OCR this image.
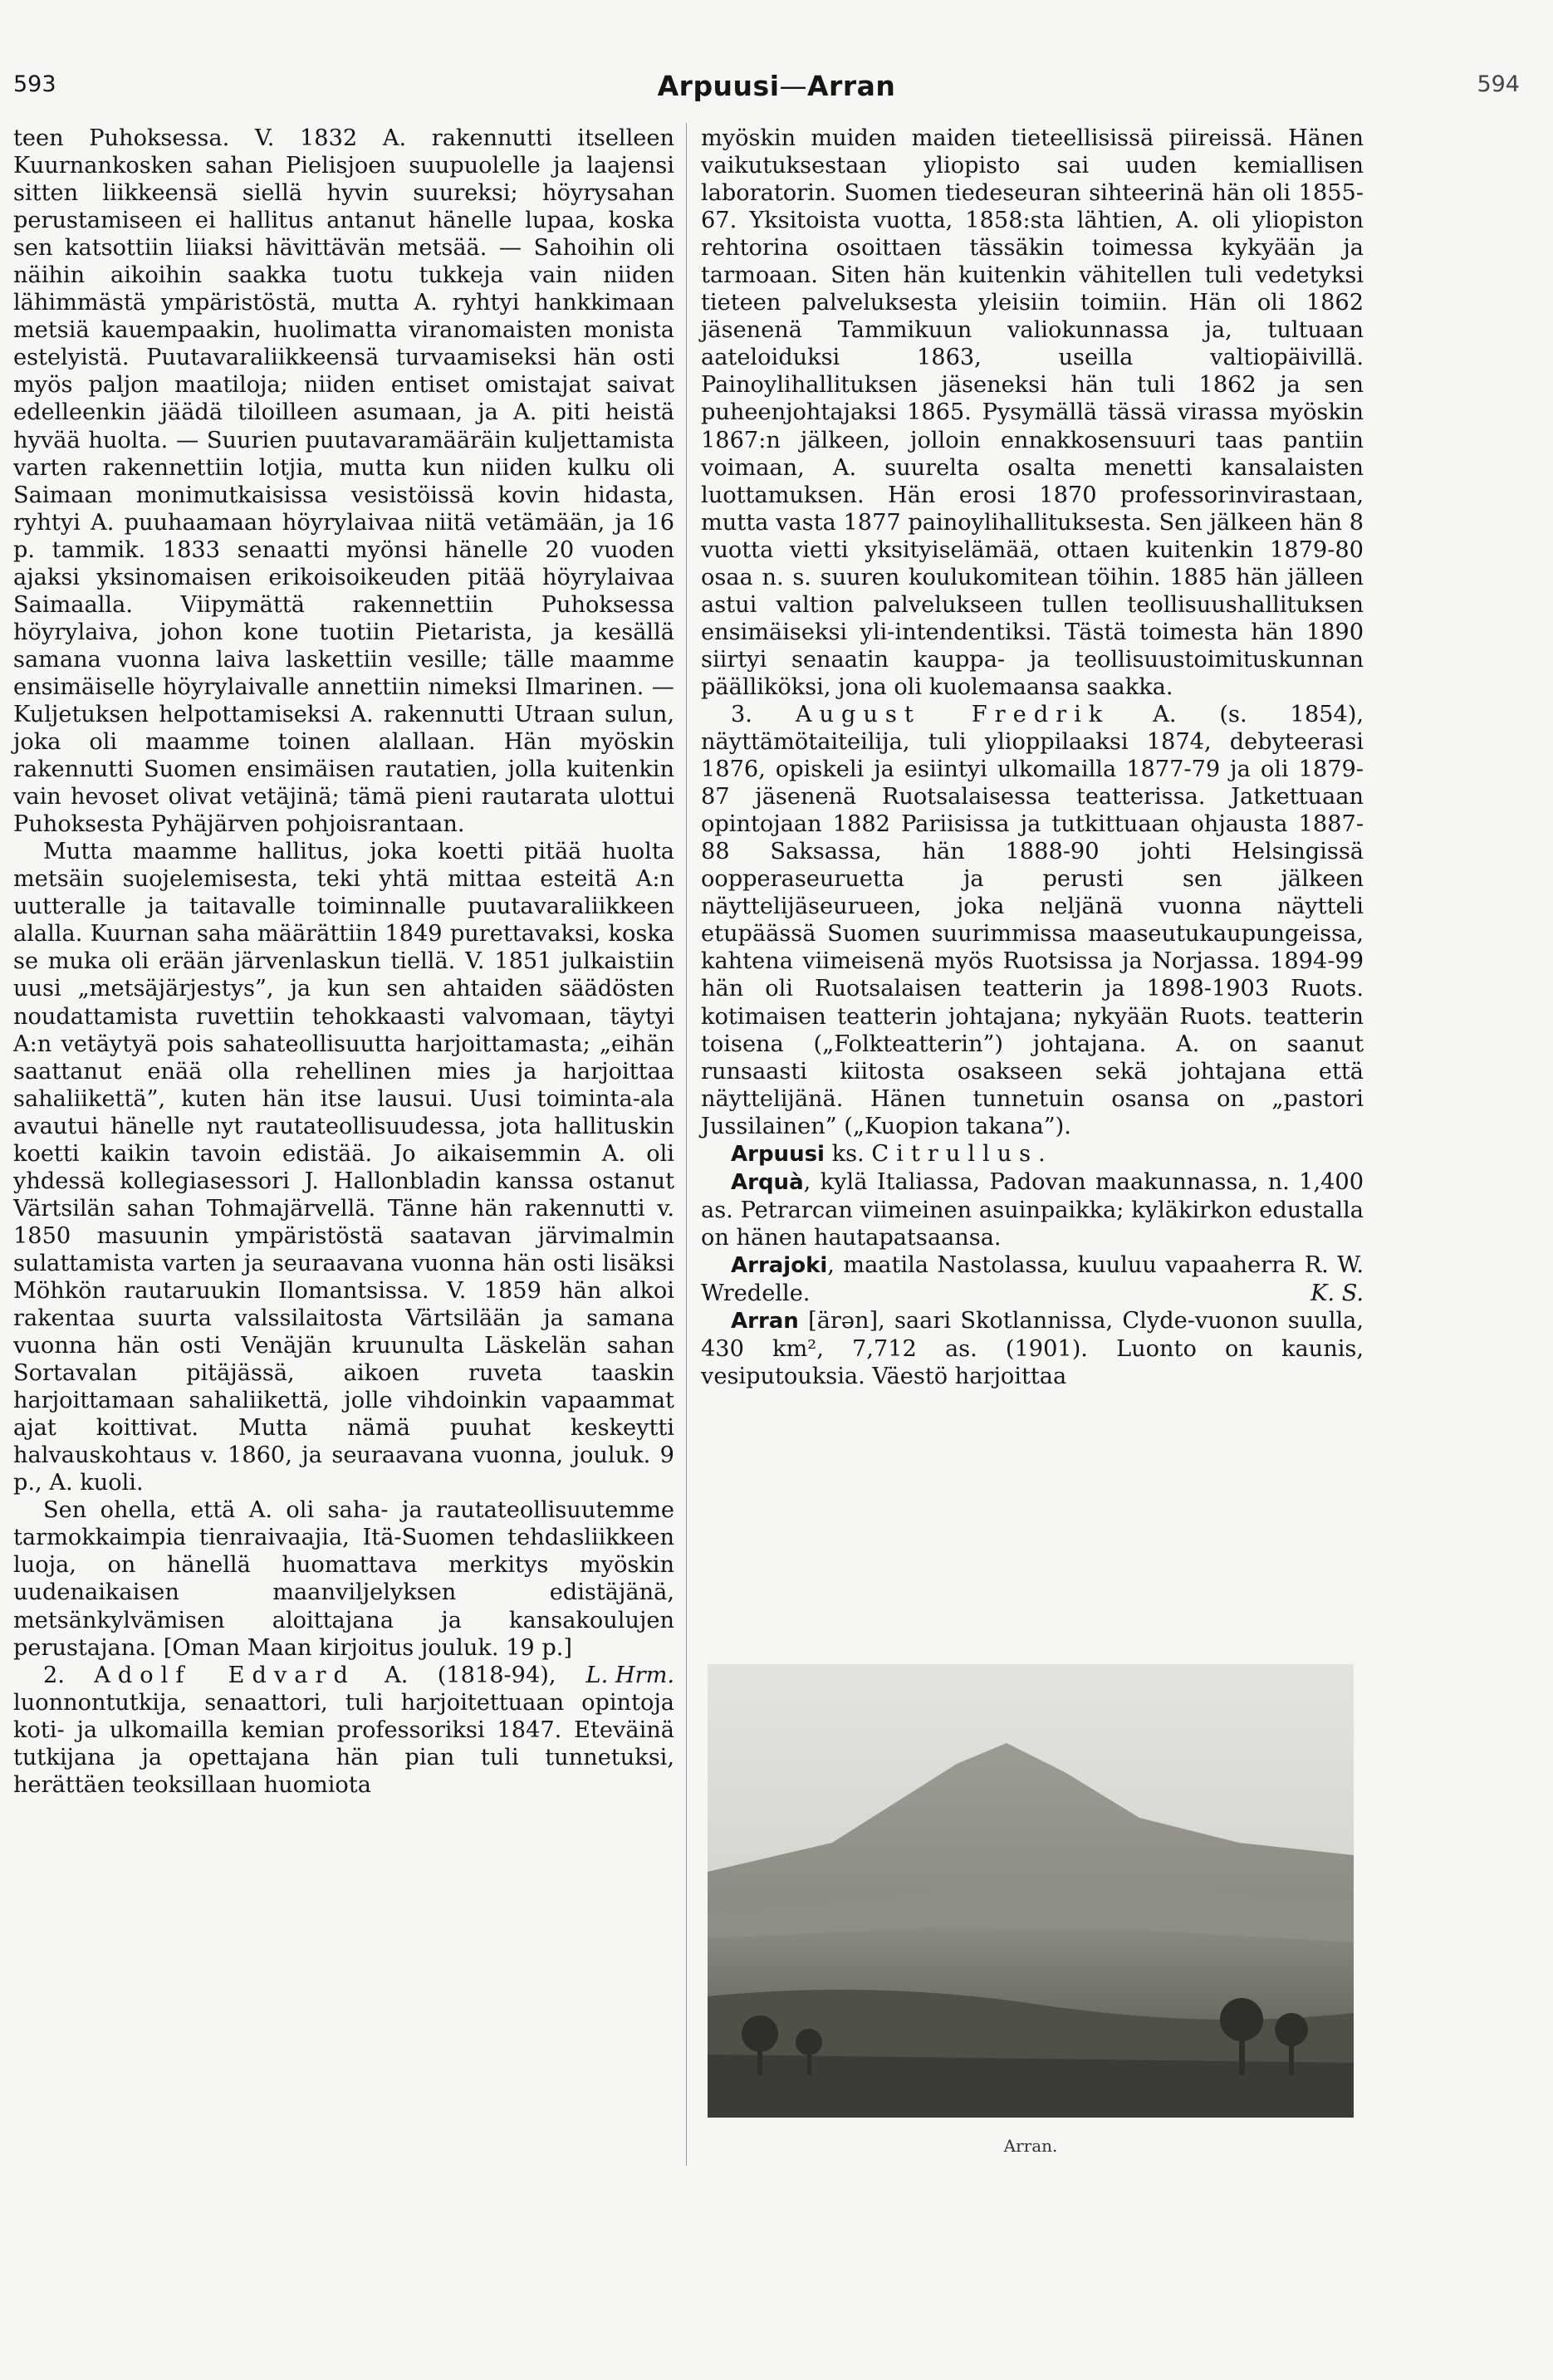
593	Arpuusi—Arran	594

teen Puhoksessa. V. 1832 A. rakennutti itselleen Kuurnankosken sahan Pielisjoen suupuolelle ja laajensi sitten liikkeensä siellä hyvin suureksi; höyrysahan perustamiseen ei hallitus antanut hänelle lupaa, koska sen katsottiin liiaksi hävittävän metsää. — Sahoihin oli näihin aikoihin saakka tuotu tukkeja vain niiden lähimmästä ympäristöstä, mutta A. ryhtyi hankkimaan metsiä kauempaakin, huolimatta viranomaisten monista estelyistä. Puutavaraliikkeensä turvaamiseksi hän osti myös paljon maatiloja; niiden entiset omistajat saivat edelleenkin jäädä tiloilleen asumaan, ja A. piti heistä hyvää huolta. — Suurien puutavaramääräin kuljettamista varten rakennettiin lotjia, mutta kun niiden kulku oli Saimaan monimutkaisissa vesistöissä kovin hidasta, ryhtyi A. puuhaamaan höyrylaivaa niitä vetämään, ja 16 p. tammik. 1833 senaatti myönsi hänelle 20 vuoden ajaksi yksinomaisen erikoisoikeuden pitää höyrylaivaa Saimaalla. Viipymättä rakennettiin Puhoksessa höyrylaiva, johon kone tuotiin Pietarista, ja kesällä samana vuonna laiva laskettiin vesille; tälle maamme ensimäiselle höyrylaivalle annettiin nimeksi Ilmarinen. — Kuljetuksen helpottamiseksi A. rakennutti Utraan sulun, joka oli maamme toinen alallaan. Hän myöskin rakennutti Suomen ensimäisen rautatien, jolla kuitenkin vain hevoset olivat vetäjinä; tämä pieni rautarata ulottui Puhoksesta Pyhäjärven pohjoisrantaan.

Mutta maamme hallitus, joka koetti pitää huolta metsäin suojelemisesta, teki yhtä mittaa esteitä A:n uutteralle ja taitavalle toiminnalle puutavaraliikkeen alalla. Kuurnan saha määrättiin 1849 purettavaksi, koska se muka oli erään järvenlaskun tiellä. V. 1851 julkaistiin uusi „metsäjärjestys”, ja kun sen ahtaiden säädösten noudattamista ruvettiin tehokkaasti valvomaan, täytyi A:n vetäytyä pois sahateollisuutta harjoittamasta; „eihän saattanut enää olla rehellinen mies ja harjoittaa sahaliikettä”, kuten hän itse lausui. Uusi toiminta-ala avautui hänelle nyt rautateollisuudessa, jota hallituskin koetti kaikin tavoin edistää. Jo aikaisemmin A. oli yhdessä kollegiasessori J. Hallonbladin kanssa ostanut Värtsilän sahan Tohmajärvellä. Tänne hän rakennutti v. 1850 masuunin ympäristöstä saatavan järvimalmin sulattamista varten ja seuraavana vuonna hän osti lisäksi Möhkön rautaruukin Ilomantsissa. V. 1859 hän alkoi rakentaa suurta valssilaitosta Värtsilään ja samana vuonna hän osti Venäjän kruunulta Läskelän sahan Sortavalan pitäjässä, aikoen ruveta taaskin harjoittamaan sahaliikettä, jolle vihdoinkin vapaammat ajat koittivat. Mutta nämä puuhat keskeytti halvauskohtaus v. 1860, ja seuraavana vuonna, jouluk. 9 p., A. kuoli.

Sen ohella, että A. oli saha- ja rautateollisuutemme tarmokkaimpia tienraivaajia, Itä-Suomen tehdasliikkeen luoja, on hänellä huomattava merkitys myöskin uudenaikaisen maanviljelyksen edistäjänä, metsänkylvämisen aloittajana ja kansakoulujen perustajana. [Oman Maan kirjoitus jouluk. 19 p.]
L. Hrm.

2. Adolf Edvard A. (1818-94), luonnontutkija, senaattori, tuli harjoitettuaan opintoja koti- ja ulkomailla kemian professoriksi 1847. Eteväinä tutkijana ja opettajana hän pian tuli tunnetuksi, herättäen teoksillaan huomiota

myöskin muiden maiden tieteellisissä piireissä. Hänen vaikutuksestaan yliopisto sai uuden kemiallisen laboratorin. Suomen tiedeseuran sihteerinä hän oli 1855-67. Yksitoista vuotta, 1858:sta lähtien, A. oli yliopiston rehtorina osoittaen tässäkin toimessa kykyään ja tarmoaan. Siten hän kuitenkin vähitellen tuli vedetyksi tieteen palveluksesta yleisiin toimiin. Hän oli 1862 jäsenenä Tammikuun valiokunnassa ja, tultuaan aateloiduksi 1863, useilla valtiopäivillä. Painoylihallituksen jäseneksi hän tuli 1862 ja sen puheenjohtajaksi 1865. Pysymällä tässä virassa myöskin 1867:n jälkeen, jolloin ennakkosensuuri taas pantiin voimaan, A. suurelta osalta menetti kansalaisten luottamuksen. Hän erosi 1870 professorinvirastaan, mutta vasta 1877 painoylihallituksesta. Sen jälkeen hän 8 vuotta vietti yksityiselämää, ottaen kuitenkin 1879-80 osaa n. s. suuren koulukomitean töihin. 1885 hän jälleen astui valtion palvelukseen tullen teollisuushallituksen ensimäiseksi yli-intendentiksi. Tästä toimesta hän 1890 siirtyi senaatin kauppa- ja teollisuustoimituskunnan päälliköksi, jona oli kuolemaansa saakka.

3. August Fredrik A. (s. 1854), näyttämötaiteilija, tuli ylioppilaaksi 1874, debyteerasi 1876, opiskeli ja esiintyi ulkomailla 1877-79 ja oli 1879-87 jäsenenä Ruotsalaisessa teatterissa. Jatkettuaan opintojaan 1882 Pariisissa ja tutkittuaan ohjausta 1887-88 Saksassa, hän 1888-90 johti Helsingissä oopperaseuruetta ja perusti sen jälkeen näyttelijäseurueen, joka neljänä vuonna näytteli etupäässä Suomen suurimmissa maaseutukaupungeissa, kahtena viimeisenä myös Ruotsissa ja Norjassa. 1894-99 hän oli Ruotsalaisen teatterin ja 1898-1903 Ruots. kotimaisen teatterin johtajana; nykyään Ruots. teatterin toisena („Folkteatterin”) johtajana. A. on saanut runsaasti kiitosta osakseen sekä johtajana että näyttelijänä. Hänen tunnetuin osansa on „pastori Jussilainen” („Kuopion takana”).

Arpuusi ks. Citrullus.

Arquà, kylä Italiassa, Padovan maakunnassa, n. 1,400 as. Petrarcan viimeinen asuinpaikka; kyläkirkon edustalla on hänen hautapatsaansa.

Arrajoki, maatila Nastolassa, kuuluu vapaaherra R. W. Wredelle.	K. S.

Arran [ärən], saari Skotlannissa, Clyde-vuonon suulla, 430 km², 7,712 as. (1901). Luonto on kaunis, vesiputouksia. Väestö harjoittaa

Arran.
